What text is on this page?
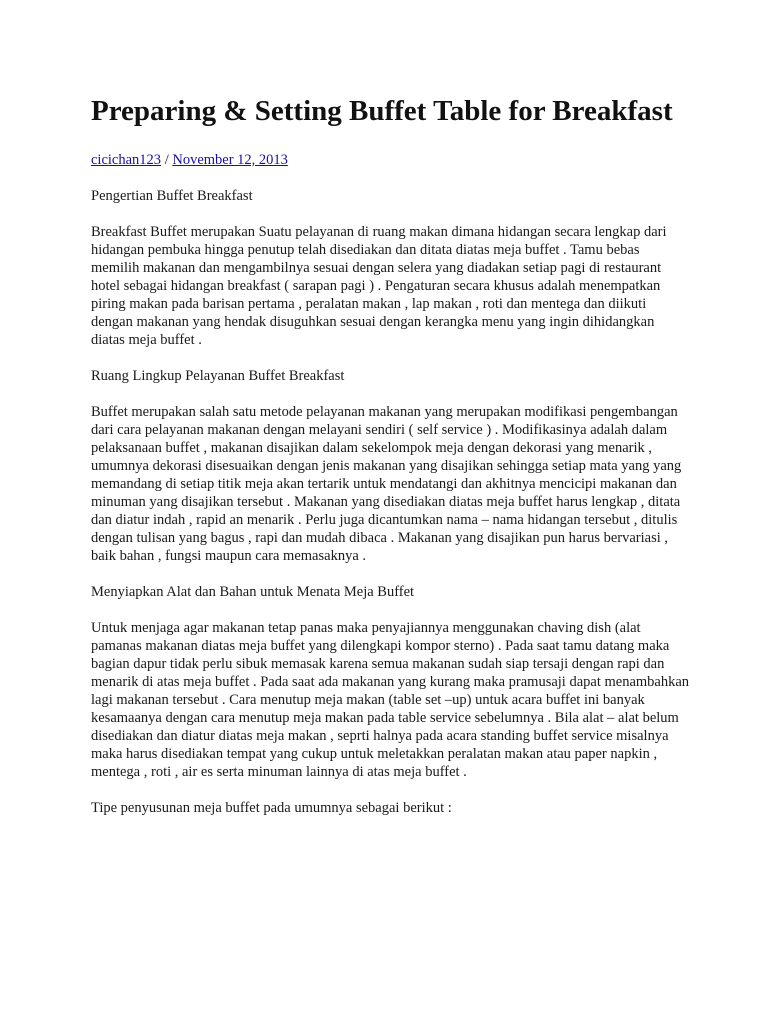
Preparing & Setting Buffet Table for Breakfast
cicichan123 / November 12, 2013

Pengertian Buffet Breakfast

Breakfast Buffet merupakan Suatu pelayanan di ruang makan dimana hidangan secara lengkap dari hidangan pembuka hingga penutup telah disediakan dan ditata diatas meja buffet . Tamu bebas memilih makanan dan mengambilnya sesuai dengan selera yang diadakan setiap pagi di restaurant hotel sebagai hidangan breakfast ( sarapan pagi ) . Pengaturan secara khusus adalah menempatkan piring makan pada barisan pertama , peralatan makan , lap makan , roti dan mentega dan diikuti dengan makanan yang hendak disuguhkan sesuai dengan kerangka menu yang ingin dihidangkan diatas meja buffet .

Ruang Lingkup Pelayanan Buffet Breakfast

Buffet merupakan salah satu metode pelayanan makanan yang merupakan modifikasi pengembangan dari cara pelayanan makanan dengan melayani sendiri ( self service ) . Modifikasinya adalah dalam pelaksanaan buffet , makanan disajikan dalam sekelompok meja dengan dekorasi yang menarik , umumnya dekorasi disesuaikan dengan jenis makanan yang disajikan sehingga setiap mata yang yang memandang di setiap titik meja akan tertarik untuk mendatangi dan akhitnya mencicipi makanan dan minuman yang disajikan tersebut . Makanan yang disediakan diatas meja buffet harus lengkap , ditata dan diatur indah , rapid an menarik . Perlu juga dicantumkan nama – nama hidangan tersebut , ditulis dengan tulisan yang bagus , rapi dan mudah dibaca . Makanan yang disajikan pun harus bervariasi , baik bahan , fungsi maupun cara memasaknya .

Menyiapkan Alat dan Bahan untuk Menata Meja Buffet

Untuk menjaga agar makanan tetap panas maka penyajiannya menggunakan chaving dish (alat pamanas makanan diatas meja buffet yang dilengkapi kompor sterno) . Pada saat tamu datang maka bagian dapur tidak perlu sibuk memasak karena semua makanan sudah siap tersaji dengan rapi dan menarik di atas meja buffet . Pada saat ada makanan yang kurang maka pramusaji dapat menambahkan lagi makanan tersebut . Cara menutup meja makan (table set –up) untuk acara buffet ini banyak kesamaanya dengan cara menutup meja makan pada table service sebelumnya . Bila alat – alat belum disediakan dan diatur diatas meja makan , seprti halnya pada acara standing buffet service misalnya maka harus disediakan tempat yang cukup untuk meletakkan peralatan makan atau paper napkin , mentega , roti , air es serta minuman lainnya di atas meja buffet .

Tipe penyusunan meja buffet pada umumnya sebagai berikut :
